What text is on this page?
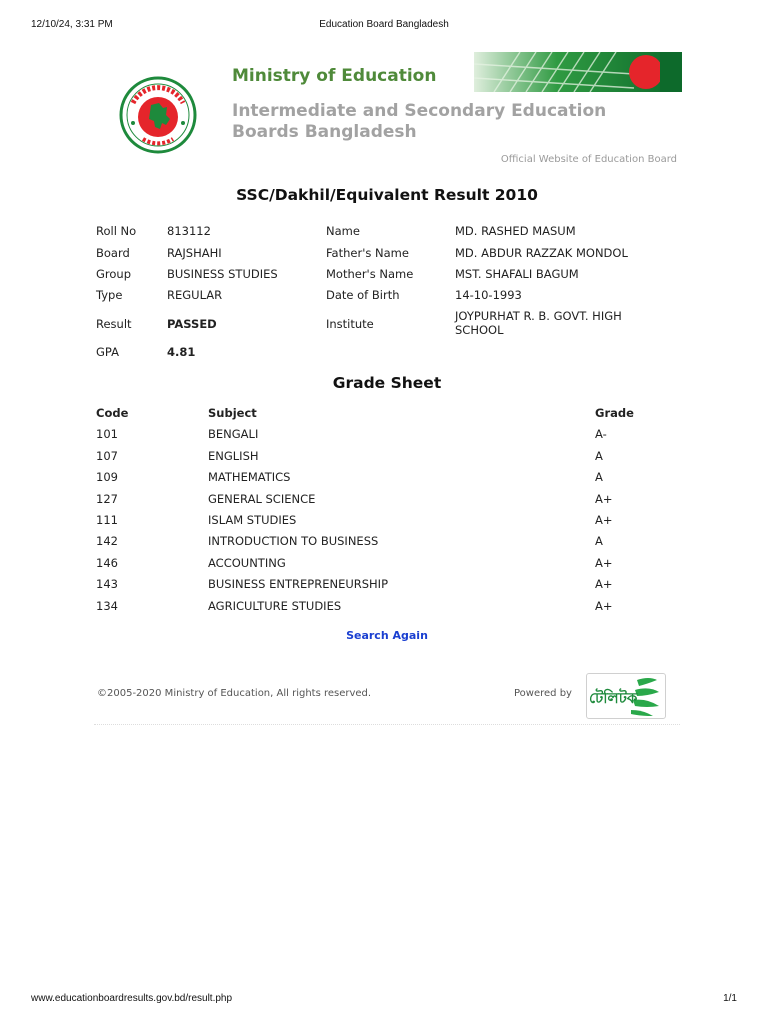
12/10/24, 3:31 PM	Education Board Bangladesh
Ministry of Education
Intermediate and Secondary Education Boards Bangladesh
Official Website of Education Board
SSC/Dakhil/Equivalent Result 2010
Roll No	813112	Name	MD. RASHED MASUM
Board	RAJSHAHI	Father's Name	MD. ABDUR RAZZAK MONDOL
Group	BUSINESS STUDIES	Mother's Name	MST. SHAFALI BAGUM
Type	REGULAR	Date of Birth	14-10-1993
Result	PASSED	Institute
JOYPURHAT R. B. GOVT. HIGH SCHOOL
GPA	4.81
Grade Sheet
Code	Subject	Grade
101	BENGALI	A-
107	ENGLISH	A
109	MATHEMATICS	A
127	GENERAL SCIENCE	A+
111	ISLAM STUDIES	A+
142	INTRODUCTION TO BUSINESS	A
146	ACCOUNTING	A+
143	BUSINESS ENTREPRENEURSHIP	A+
134	AGRICULTURE STUDIES	A+
Search Again
©2005-2020 Ministry of Education, All rights reserved.	Powered by টেলিটক
www.educationboardresults.gov.bd/result.php	1/1
